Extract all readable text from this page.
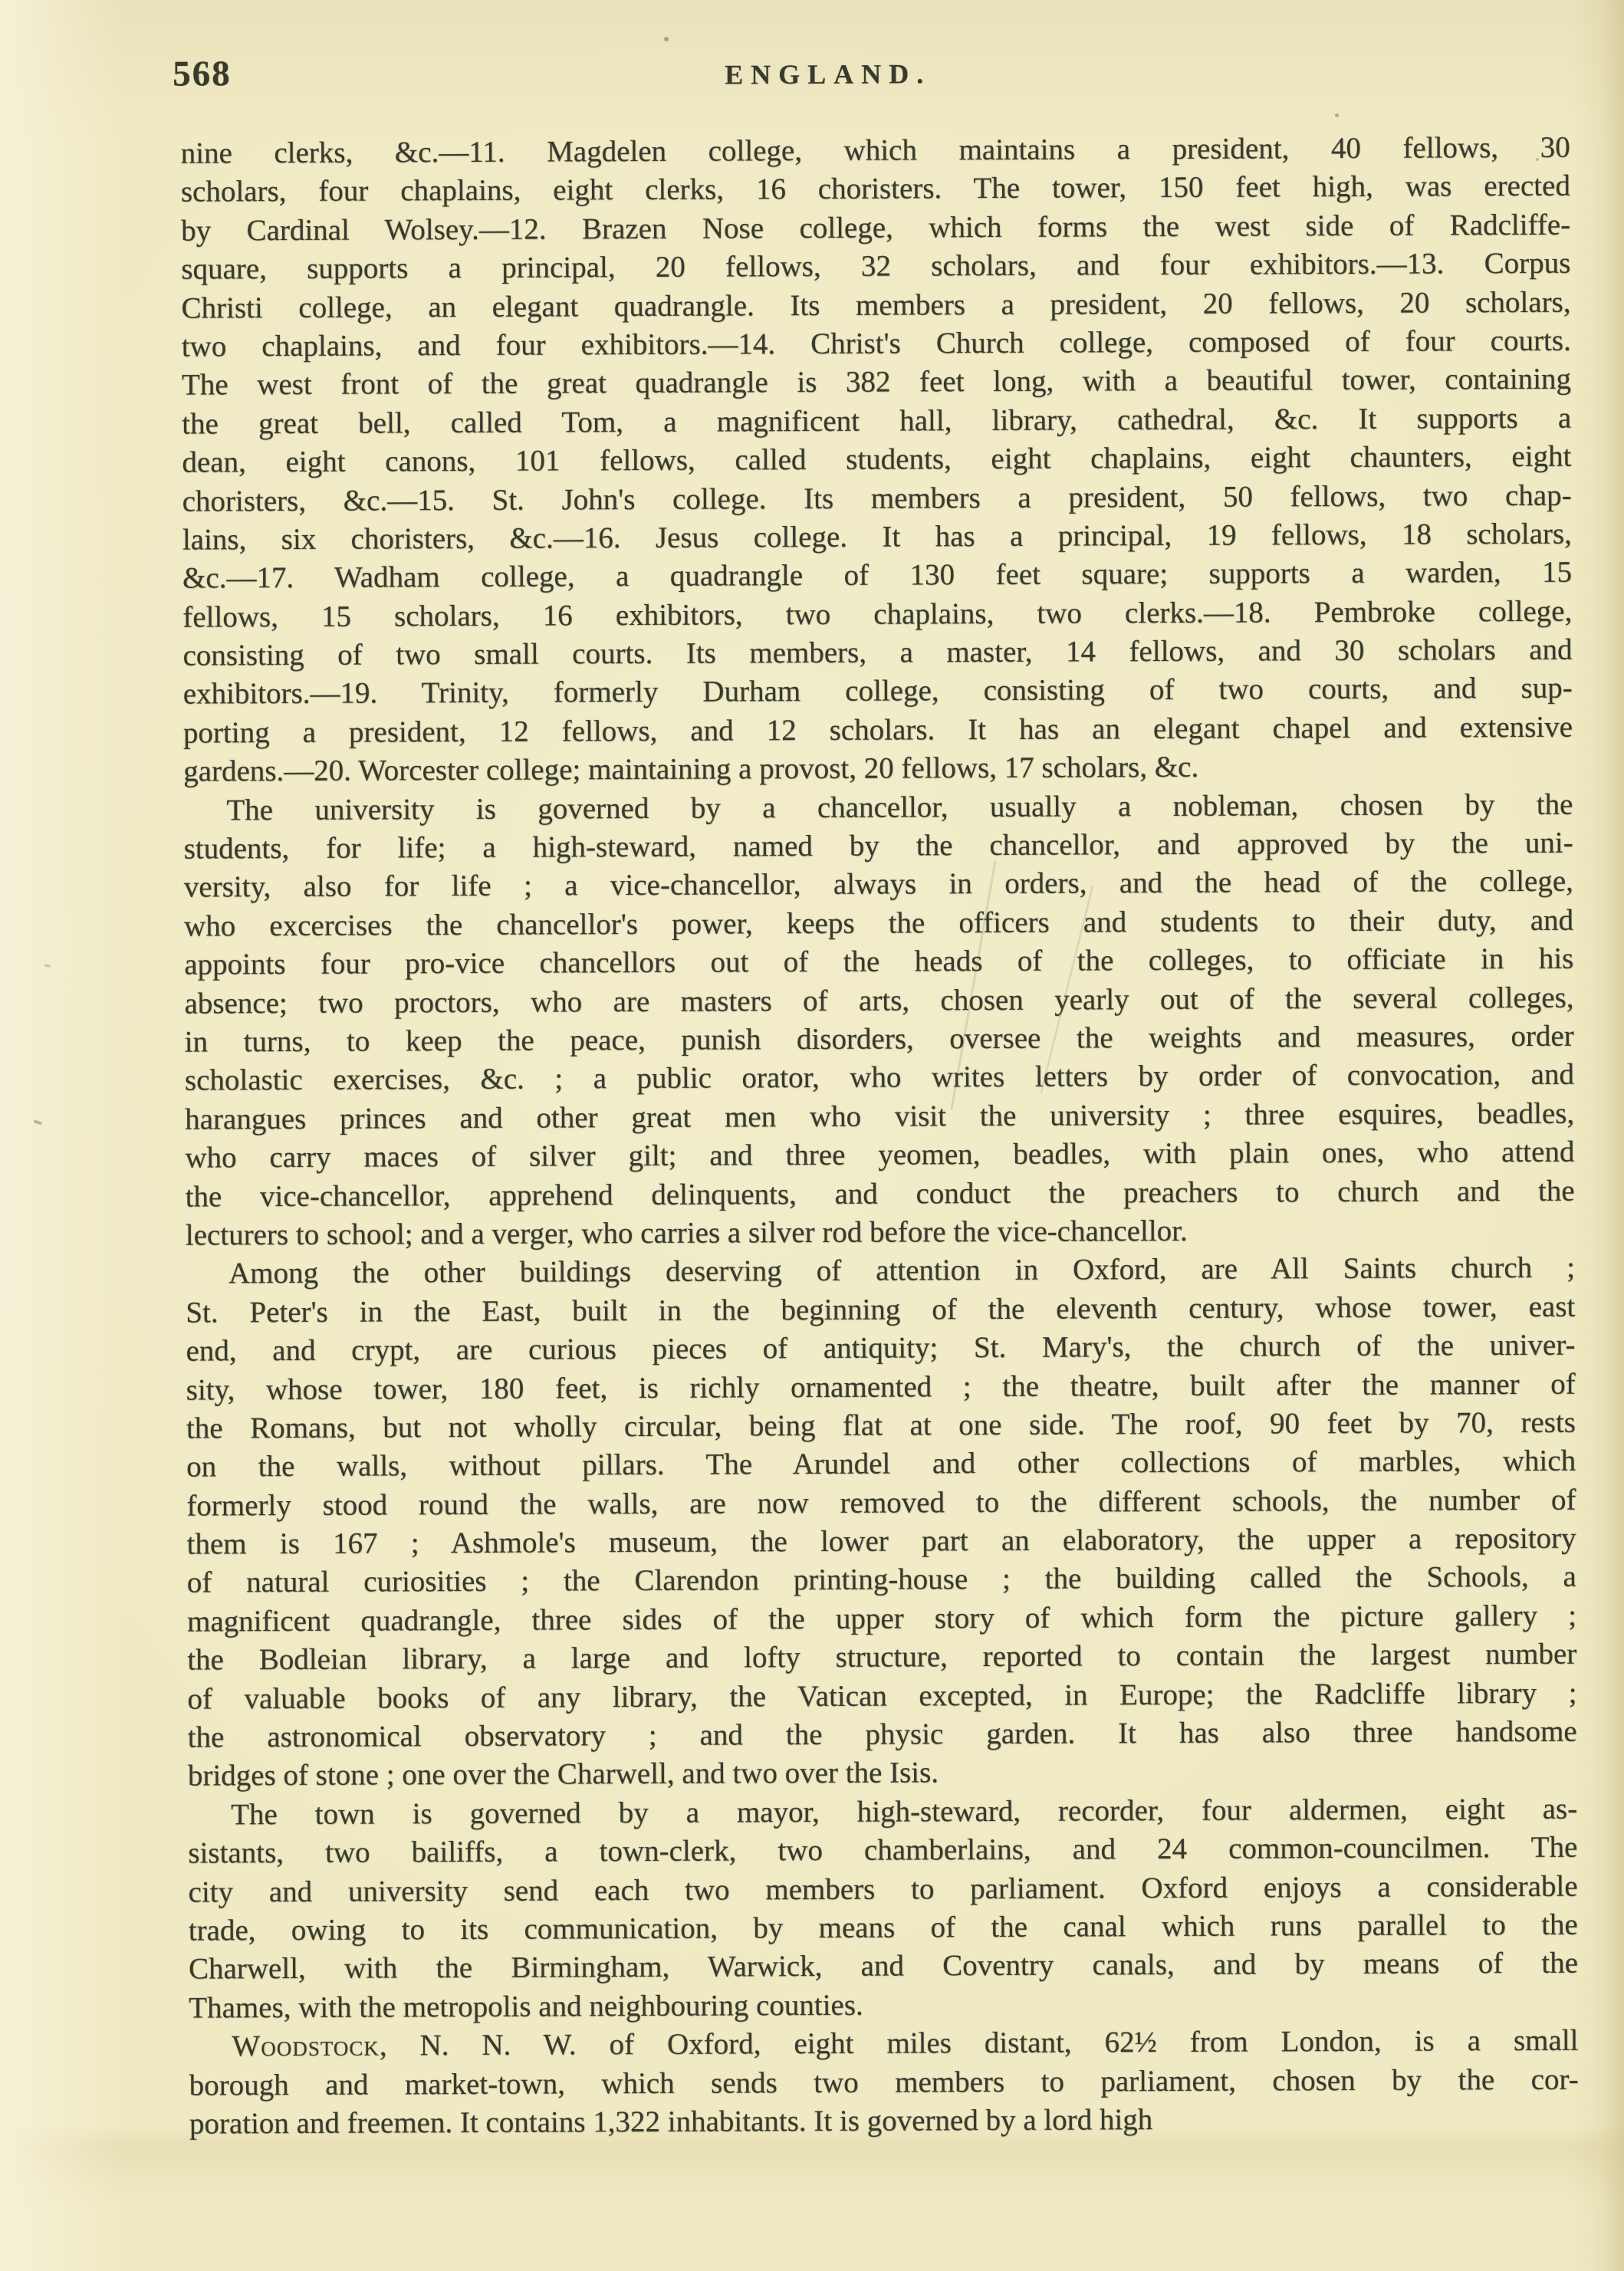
568	ENGLAND.
nine clerks, &c.—11. Magdelen college, which maintains a president, 40 fellows, 30
scholars, four chaplains, eight clerks, 16 choristers. The tower, 150 feet high, was erected
by Cardinal Wolsey.—12. Brazen Nose college, which forms the west side of Radcliffe-
square, supports a principal, 20 fellows, 32 scholars, and four exhibitors.—13. Corpus
Christi college, an elegant quadrangle. Its members a president, 20 fellows, 20 scholars,
two chaplains, and four exhibitors.—14. Christ's Church college, composed of four courts.
The west front of the great quadrangle is 382 feet long, with a beautiful tower, containing
the great bell, called Tom, a magnificent hall, library, cathedral, &c. It supports a
dean, eight canons, 101 fellows, called students, eight chaplains, eight chaunters, eight
choristers, &c.—15. St. John's college. Its members a president, 50 fellows, two chap-
lains, six choristers, &c.—16. Jesus college. It has a principal, 19 fellows, 18 scholars,
&c.—17. Wadham college, a quadrangle of 130 feet square; supports a warden, 15
fellows, 15 scholars, 16 exhibitors, two chaplains, two clerks.—18. Pembroke college,
consisting of two small courts. Its members, a master, 14 fellows, and 30 scholars and
exhibitors.—19. Trinity, formerly Durham college, consisting of two courts, and sup-
porting a president, 12 fellows, and 12 scholars. It has an elegant chapel and extensive
gardens.—20. Worcester college; maintaining a provost, 20 fellows, 17 scholars, &c.
The university is governed by a chancellor, usually a nobleman, chosen by the
students, for life; a high-steward, named by the chancellor, and approved by the uni-
versity, also for life ; a vice-chancellor, always in orders, and the head of the college,
who excercises the chancellor's power, keeps the officers and students to their duty, and
appoints four pro-vice chancellors out of the heads of the colleges, to officiate in his
absence; two proctors, who are masters of arts, chosen yearly out of the several colleges,
in turns, to keep the peace, punish disorders, oversee the weights and measures, order
scholastic exercises, &c. ; a public orator, who writes letters by order of convocation, and
harangues princes and other great men who visit the university ; three esquires, beadles,
who carry maces of silver gilt; and three yeomen, beadles, with plain ones, who attend
the vice-chancellor, apprehend delinquents, and conduct the preachers to church and the
lecturers to school; and a verger, who carries a silver rod before the vice-chancellor.
Among the other buildings deserving of attention in Oxford, are All Saints church ;
St. Peter's in the East, built in the beginning of the eleventh century, whose tower, east
end, and crypt, are curious pieces of antiquity; St. Mary's, the church of the univer-
sity, whose tower, 180 feet, is richly ornamented ; the theatre, built after the manner of
the Romans, but not wholly circular, being flat at one side. The roof, 90 feet by 70, rests
on the walls, without pillars. The Arundel and other collections of marbles, which
formerly stood round the walls, are now removed to the different schools, the number of
them is 167 ; Ashmole's museum, the lower part an elaboratory, the upper a repository
of natural curiosities ; the Clarendon printing-house ; the building called the Schools, a
magnificent quadrangle, three sides of the upper story of which form the picture gallery ;
the Bodleian library, a large and lofty structure, reported to contain the largest number
of valuable books of any library, the Vatican excepted, in Europe; the Radcliffe library ;
the astronomical observatory ; and the physic garden. It has also three handsome
bridges of stone ; one over the Charwell, and two over the Isis.
The town is governed by a mayor, high-steward, recorder, four aldermen, eight as-
sistants, two bailiffs, a town-clerk, two chamberlains, and 24 common-councilmen. The
city and university send each two members to parliament. Oxford enjoys a considerable
trade, owing to its communication, by means of the canal which runs parallel to the
Charwell, with the Birmingham, Warwick, and Coventry canals, and by means of the
Thames, with the metropolis and neighbouring counties.
Woodstock, N. N. W. of Oxford, eight miles distant, 62½ from London, is a small
borough and market-town, which sends two members to parliament, chosen by the cor-
poration and freemen. It contains 1,322 inhabitants. It is governed by a lord high
